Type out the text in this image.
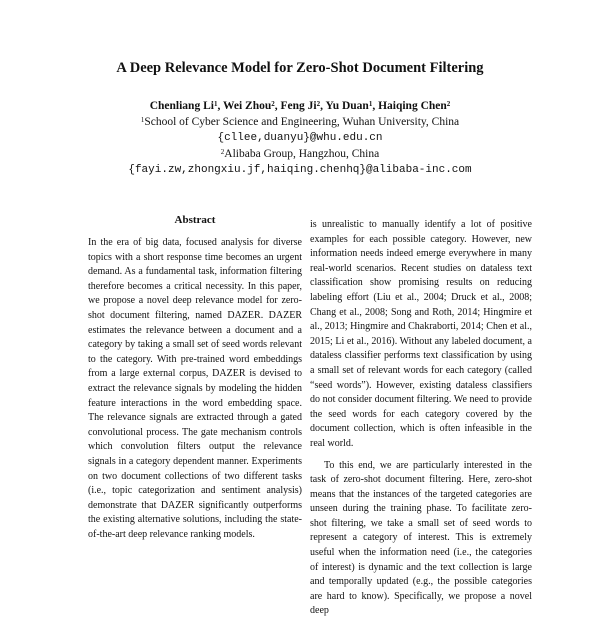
A Deep Relevance Model for Zero-Shot Document Filtering
Chenliang Li$^1$, Wei Zhou$^2$, Feng Ji$^2$, Yu Duan$^1$, Haiqing Chen$^2$
$^1$School of Cyber Science and Engineering, Wuhan University, China
{cllee,duanyu}@whu.edu.cn
$^2$Alibaba Group, Hangzhou, China
{fayi.zw,zhongxiu.jf,haiqing.chenhq}@alibaba-inc.com
Abstract

In the era of big data, focused analysis for diverse topics with a short response time becomes an urgent demand. As a fundamental task, information filtering therefore becomes a critical necessity. In this paper, we propose a novel deep relevance model for zero-shot document filtering, named DAZER. DAZER estimates the relevance between a document and a category by taking a small set of seed words relevant to the category. With pre-trained word embeddings from a large external corpus, DAZER is devised to extract the relevance signals by modeling the hidden feature interactions in the word embedding space. The relevance signals are extracted through a gated convolutional process. The gate mechanism controls which convolution filters output the relevance signals in a category dependent manner. Experiments on two document collections of two different tasks (i.e., topic categorization and sentiment analysis) demonstrate that DAZER significantly outperforms the existing alternative solutions, including the state-of-the-art deep relevance ranking models.

is unrealistic to manually identify a lot of positive examples for each possible category. However, new information needs indeed emerge everywhere in many real-world scenarios. Recent studies on dataless text classification show promising results on reducing labeling effort (Liu et al., 2004; Druck et al., 2008; Chang et al., 2008; Song and Roth, 2014; Hingmire et al., 2013; Hingmire and Chakraborti, 2014; Chen et al., 2015; Li et al., 2016). Without any labeled document, a dataless classifier performs text classification by using a small set of relevant words for each category (called “seed words”). However, existing dataless classifiers do not consider document filtering. We need to provide the seed words for each category covered by the document collection, which is often infeasible in the real world.

To this end, we are particularly interested in the task of zero-shot document filtering. Here, zero-shot means that the instances of the targeted categories are unseen during the training phase. To facilitate zero-shot filtering, we take a small set of seed words to represent a category of interest. This is extremely useful when the information need (i.e., the categories of interest) is dynamic and the text collection is large and temporally updated (e.g., the possible categories are hard to know). Specifically, we propose a novel deep
